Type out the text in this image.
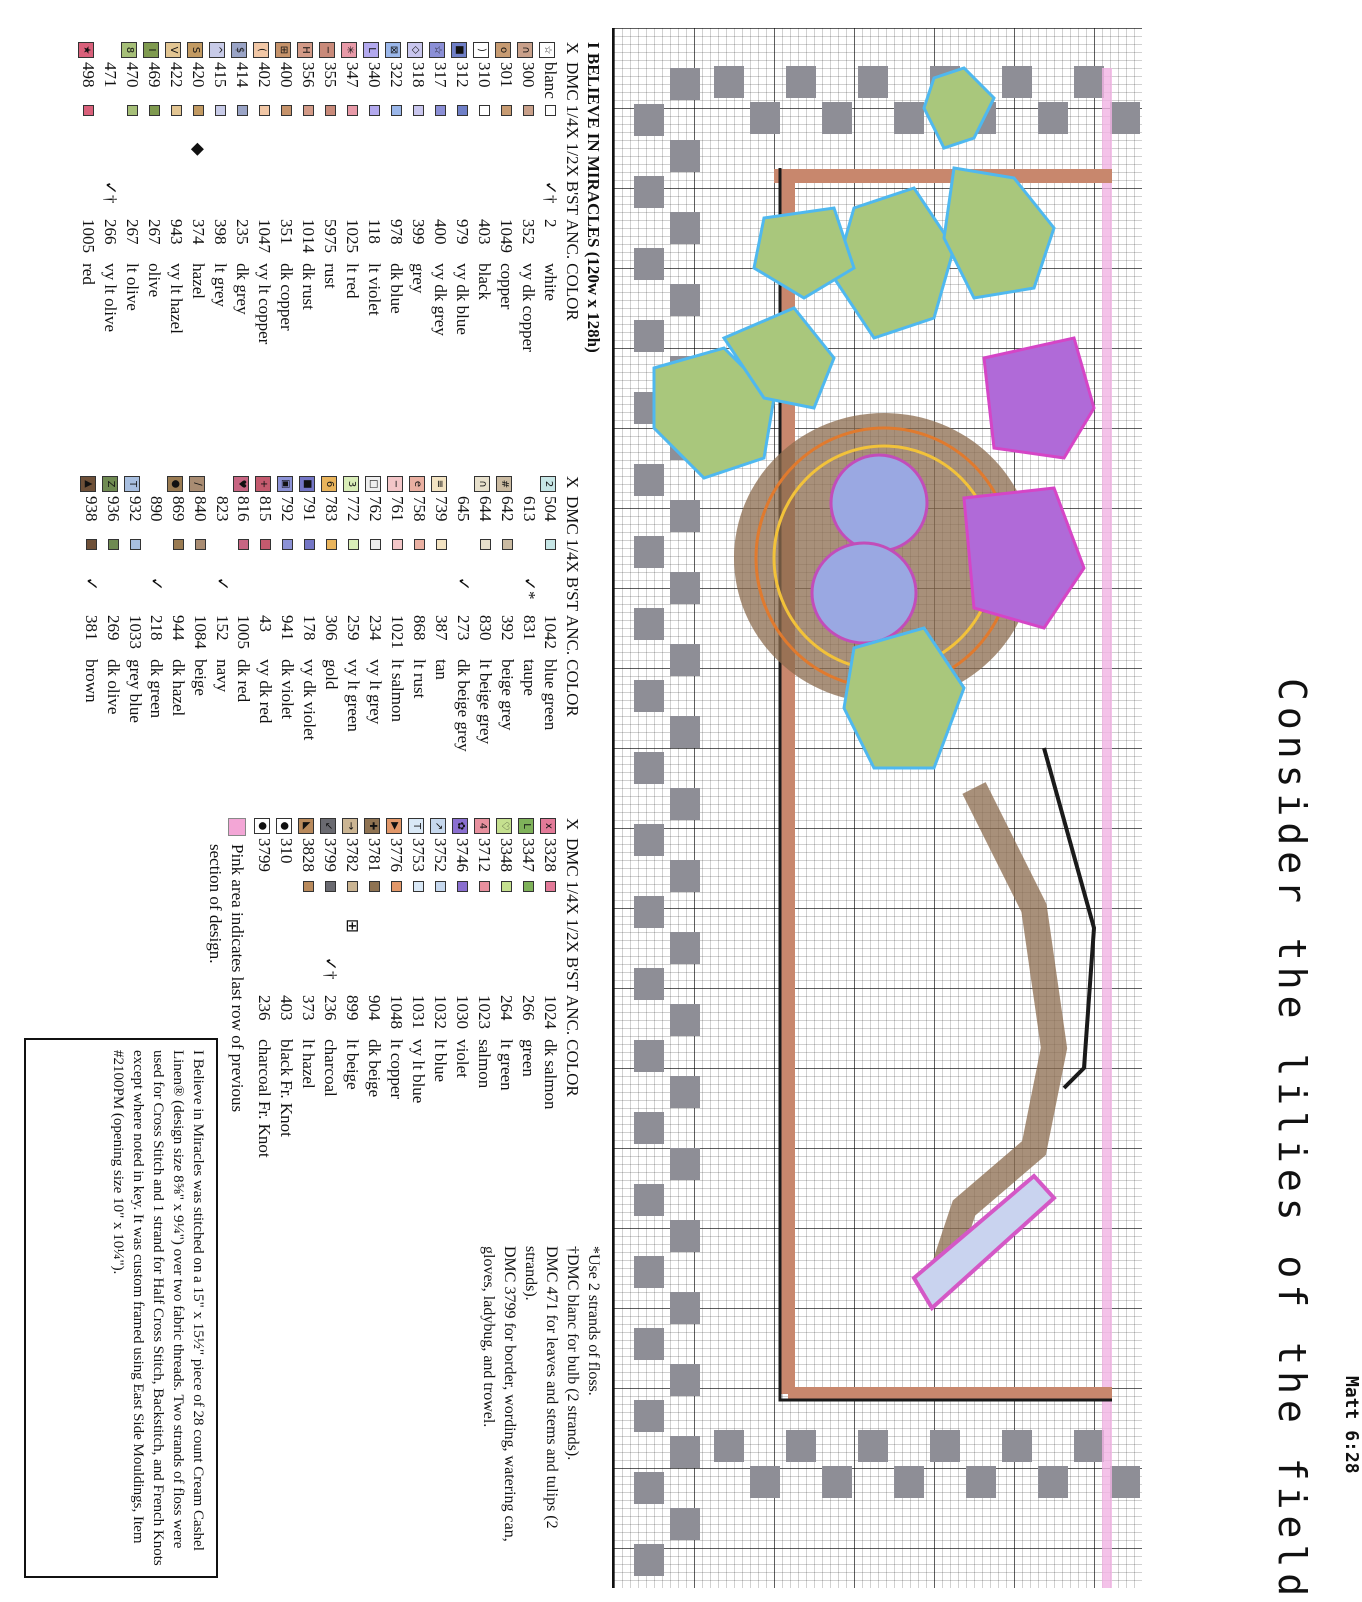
Consider the lilies of the field Matt 6:28
I BELIEVE IN MIRACLES (120w x 128h)
X	DMC	1/4X	1/2X	B'ST	ANC.	COLOR
☆	blanc			✓†	2	white
∩	300				352	vy dk copper
o	301				1049	copper
)	310				403	black
■	312				979	vy dk blue
☆	317				400	vy dk grey
◇	318				399	grey
⊠	322				978	dk blue
L	340				118	lt violet
✳	347				1025	lt red
−	355				5975	rust
H	356				1014	dk rust
⊞	400				351	dk copper
(	402				1047	vy lt copper
$	414				235	dk grey
^	415				398	lt grey
S	420		◆		374	hazel
V	422				943	vy lt hazel
I	469				267	olive
8	470				267	lt olive
	471			✓†	266	vy lt olive
★	498				1005	red
X	DMC	1/4X	B'ST	ANC.	COLOR
2	504			1042	blue green
	613		✓*	831	taupe
#	642			392	beige grey
∩	644			830	lt beige grey
	645		✓	273	dk beige grey
≡	739			387	tan
e	758			868	lt rust
−	761			1021	lt salmon
□	762			234	vy lt grey
3	772			259	vy lt green
6	783			306	gold
■	791			178	vy dk violet
▣	792			941	dk violet
+	815			43	vy dk red
♥	816			1005	dk red
	823		✓	152	navy
∕	840			1084	beige
●	869			944	dk hazel
	890		✓	218	dk green
T	932			1033	grey blue
Z	936			269	dk olive
▲	938		✓	381	brown
X	DMC	1/4X	1/2X	B'ST	ANC.	COLOR
x	3328				1024	dk salmon
L	3347				266	green
♡	3348				264	lt green
4	3712				1023	salmon
✿	3746				1030	violet
↗	3752				1032	lt blue
T	3753				1031	vy lt blue
▶	3776				1048	lt copper
✚	3781				904	dk beige
→	3782		⊞		899	lt beige
↙	3799			✓†	236	charcoal
◣	3828				373	lt hazel
●	310				403	black Fr. Knot
●	3799				236	charcoal Fr. Knot
Pink area indicates last row of previous section of design.
*Use 2 strands of floss.
†DMC blanc for bulb (2 strands).
DMC 471 for leaves and stems and tulips (2 strands).
DMC 3799 for border, wording, watering can, gloves, ladybug, and trowel.
I Believe in Miracles was stitched on a 15" x 15½" piece of 28 count Cream Cashel Linen® (design size 8⅝" x 9¼") over two fabric threads. Two strands of floss were used for Cross Stitch and 1 strand for Half Cross Stitch, Backstitch, and French Knots except where noted in key. It was custom framed using East Side Mouldings, Item #2100PM (opening size 10" x 10¼").
